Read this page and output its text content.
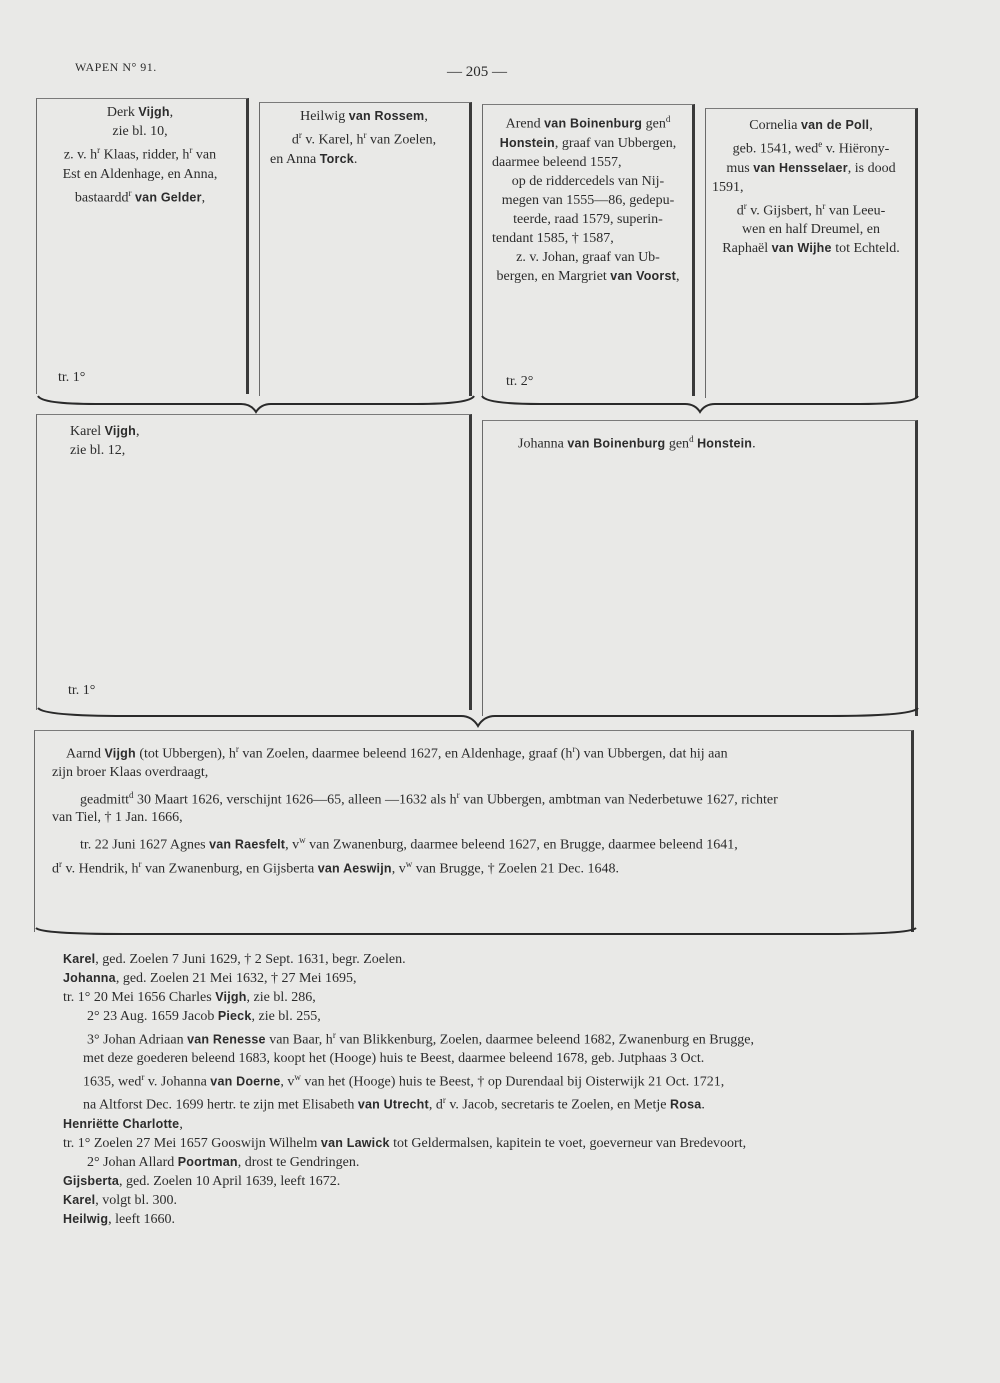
WAPEN N° 91.	— 205 —
Derk Vijgh,
zie bl. 10,
z. v. $h^r$ Klaas, ridder, $h^r$ van
Est en Aldenhage, en Anna,
bastaardd$^r$ van Gelder,
tr. 1°
Heilwig van Rossem,
$d^r$ v. Karel, $h^r$ van Zoelen,
en Anna Torck.
Arend van Boinenburg gen$^d$
Honstein, graaf van Ubbergen,
daarmee beleend 1557,
op de riddercedels van Nij-
megen van 1555—86, gedepu-
teerde, raad 1579, superin-
tendant 1585, † 1587,
z. v. Johan, graaf van Ub-
bergen, en Margriet van Voorst,
tr. 2°
Cornelia van de Poll,
geb. 1541, wed$^e$ v. Hiërony-
mus van Hensselaer, is dood
1591,
$d^r$ v. Gijsbert, $h^r$ van Leeu-
wen en half Dreumel, en
Raphaël van Wijhe tot Echteld.
Karel Vijgh,
zie bl. 12,
tr. 1°
Johanna van Boinenburg gen$^d$ Honstein.
Aarnd Vijgh (tot Ubbergen), $h^r$ van Zoelen, daarmee beleend 1627, en Aldenhage, graaf $(h^r)$ van Ubbergen, dat hij aan
zijn broer Klaas overdraagt,
geadmitt$^d$ 30 Maart 1626, verschijnt 1626—65, alleen —1632 als $h^r$ van Ubbergen, ambtman van Nederbetuwe 1627, richter
van Tiel, † 1 Jan. 1666,
tr. 22 Juni 1627 Agnes van Raesfelt, $v^w$ van Zwanenburg, daarmee beleend 1627, en Brugge, daarmee beleend 1641,
$d^r$ v. Hendrik, $h^r$ van Zwanenburg, en Gijsberta van Aeswijn, $v^w$ van Brugge, † Zoelen 21 Dec. 1648.
Karel, ged. Zoelen 7 Juni 1629, † 2 Sept. 1631, begr. Zoelen.
Johanna, ged. Zoelen 21 Mei 1632, † 27 Mei 1695,
tr. 1° 20 Mei 1656 Charles Vijgh, zie bl. 286,
2° 23 Aug. 1659 Jacob Pieck, zie bl. 255,
3° Johan Adriaan van Renesse van Baar, $h^r$ van Blikkenburg, Zoelen, daarmee beleend 1682, Zwanenburg en Brugge,
met deze goederen beleend 1683, koopt het (Hooge) huis te Beest, daarmee beleend 1678, geb. Jutphaas 3 Oct.
1635, wed$^r$ v. Johanna van Doerne, $v^w$ van het (Hooge) huis te Beest, † op Durendaal bij Oisterwijk 21 Oct. 1721,
na Altforst Dec. 1699 hertr. te zijn met Elisabeth van Utrecht, $d^r$ v. Jacob, secretaris te Zoelen, en Metje Rosa.
Henriëtte Charlotte,
tr. 1° Zoelen 27 Mei 1657 Gooswijn Wilhelm van Lawick tot Geldermalsen, kapitein te voet, goeverneur van Bredevoort,
2° Johan Allard Poortman, drost te Gendringen.
Gijsberta, ged. Zoelen 10 April 1639, leeft 1672.
Karel, volgt bl. 300.
Heilwig, leeft 1660.
